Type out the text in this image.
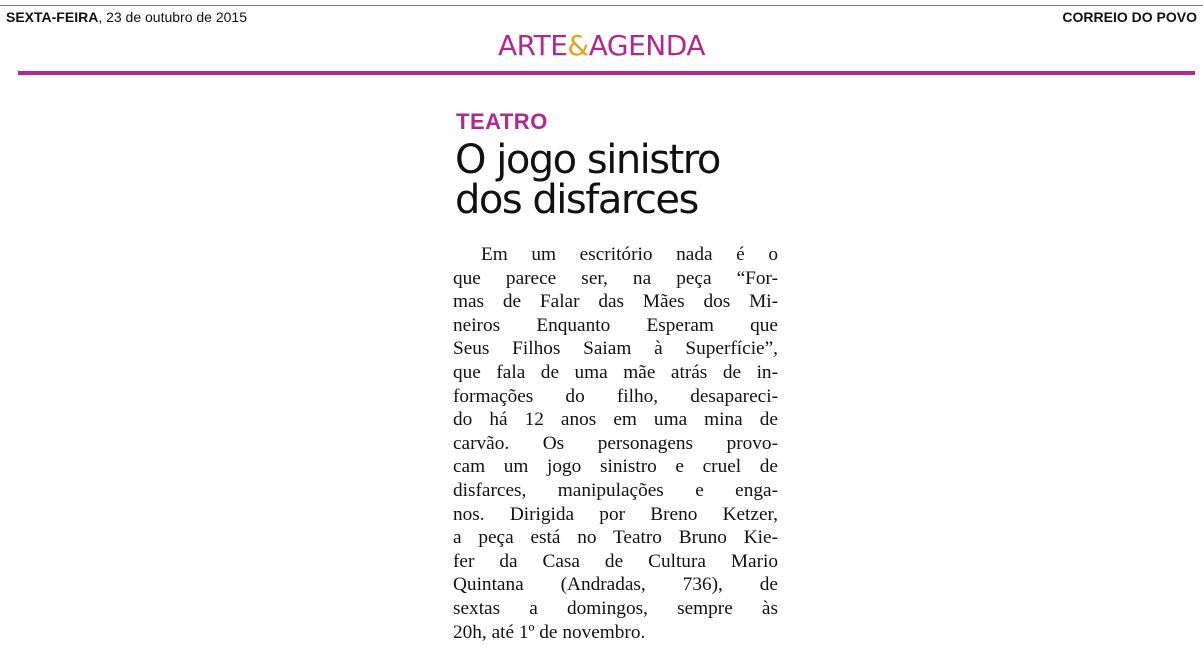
SEXTA-FEIRA, 23 de outubro de 2015	CORREIO DO POVO
ARTE&AGENDA
TEATRO
O jogo sinistro
dos disfarces
Em um escritório nada é o
que parece ser, na peça “For-
mas de Falar das Mães dos Mi-
neiros Enquanto Esperam que
Seus Filhos Saiam à Superfície”,
que fala de uma mãe atrás de in-
formações do filho, desapareci-
do há 12 anos em uma mina de
carvão. Os personagens provo-
cam um jogo sinistro e cruel de
disfarces, manipulações e enga-
nos. Dirigida por Breno Ketzer,
a peça está no Teatro Bruno Kie-
fer da Casa de Cultura Mario
Quintana (Andradas, 736), de
sextas a domingos, sempre às
20h, até 1º de novembro.
